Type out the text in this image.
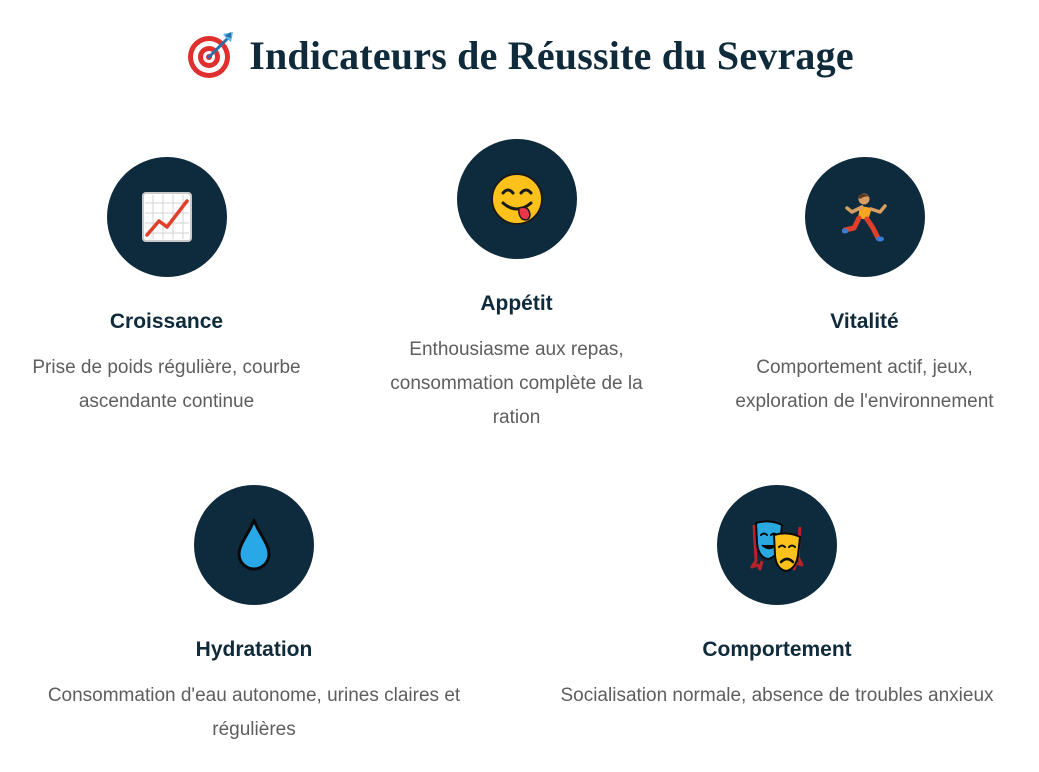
Indicateurs de Réussite du Sevrage
Croissance
Prise de poids régulière, courbe ascendante continue
Appétit
Enthousiasme aux repas, consommation complète de la ration
Vitalité
Comportement actif, jeux, exploration de l'environnement
Hydratation
Consommation d'eau autonome, urines claires et régulières
Comportement
Socialisation normale, absence de troubles anxieux
